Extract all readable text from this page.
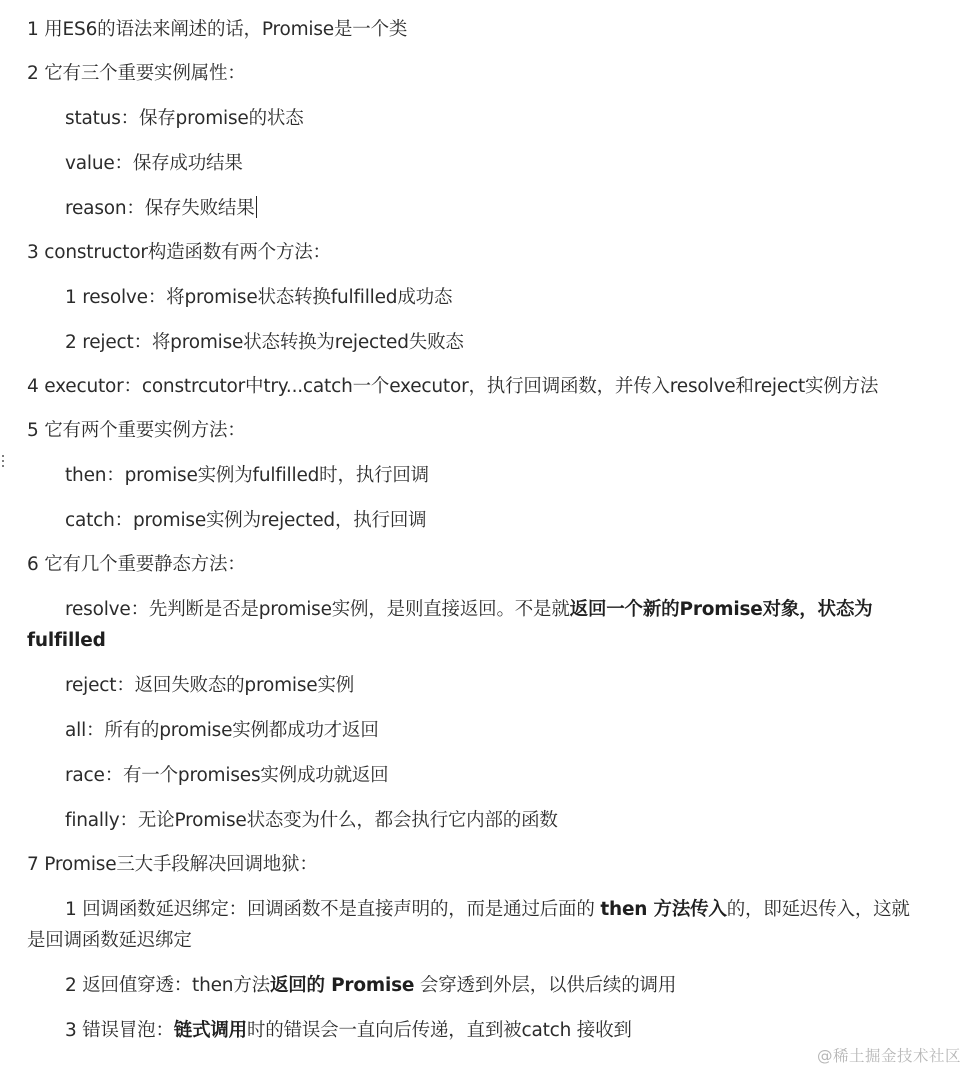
1 用ES6的语法来阐述的话，Promise是一个类

2 它有三个重要实例属性：

status：保存promise的状态

value：保存成功结果

reason：保存失败结果

3 constructor构造函数有两个方法：

1 resolve：将promise状态转换fulfilled成功态

2 reject：将promise状态转换为rejected失败态

4 executor：constrcutor中try...catch一个executor，执行回调函数，并传入resolve和reject实例方法

5 它有两个重要实例方法：

then：promise实例为fulfilled时，执行回调

catch：promise实例为rejected，执行回调

6 它有几个重要静态方法：

resolve：先判断是否是promise实例，是则直接返回。不是就返回一个新的Promise对象，状态为fulfilled

reject：返回失败态的promise实例

all：所有的promise实例都成功才返回

race：有一个promises实例成功就返回

finally：无论Promise状态变为什么，都会执行它内部的函数

7 Promise三大手段解决回调地狱：

1 回调函数延迟绑定：回调函数不是直接声明的，而是通过后面的 then 方法传入的，即延迟传入，这就是回调函数延迟绑定

2 返回值穿透：then方法返回的 Promise 会穿透到外层，以供后续的调用

3 错误冒泡：链式调用时的错误会一直向后传递，直到被catch 接收到

@稀土掘金技术社区
